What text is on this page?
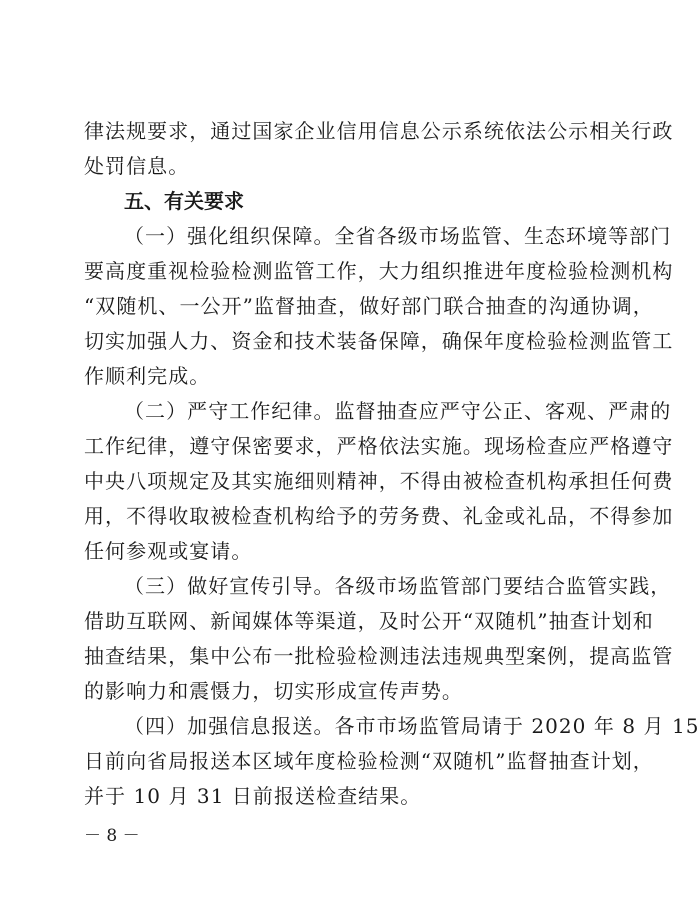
律法规要求，通过国家企业信用信息公示系统依法公示相关行政
处罚信息。
五、有关要求
（一）强化组织保障。全省各级市场监管、生态环境等部门
要高度重视检验检测监管工作，大力组织推进年度检验检测机构
“双随机、一公开”监督抽查，做好部门联合抽查的沟通协调，
切实加强人力、资金和技术装备保障，确保年度检验检测监管工
作顺利完成。
（二）严守工作纪律。监督抽查应严守公正、客观、严肃的
工作纪律，遵守保密要求，严格依法实施。现场检查应严格遵守
中央八项规定及其实施细则精神，不得由被检查机构承担任何费
用，不得收取被检查机构给予的劳务费、礼金或礼品，不得参加
任何参观或宴请。
（三）做好宣传引导。各级市场监管部门要结合监管实践，
借助互联网、新闻媒体等渠道，及时公开“双随机”抽查计划和
抽查结果，集中公布一批检验检测违法违规典型案例，提高监管
的影响力和震慑力，切实形成宣传声势。
（四）加强信息报送。各市市场监管局请于 2020 年 8 月 15
日前向省局报送本区域年度检验检测“双随机”监督抽查计划，
并于 10 月 31 日前报送检查结果。
－ 8 －
